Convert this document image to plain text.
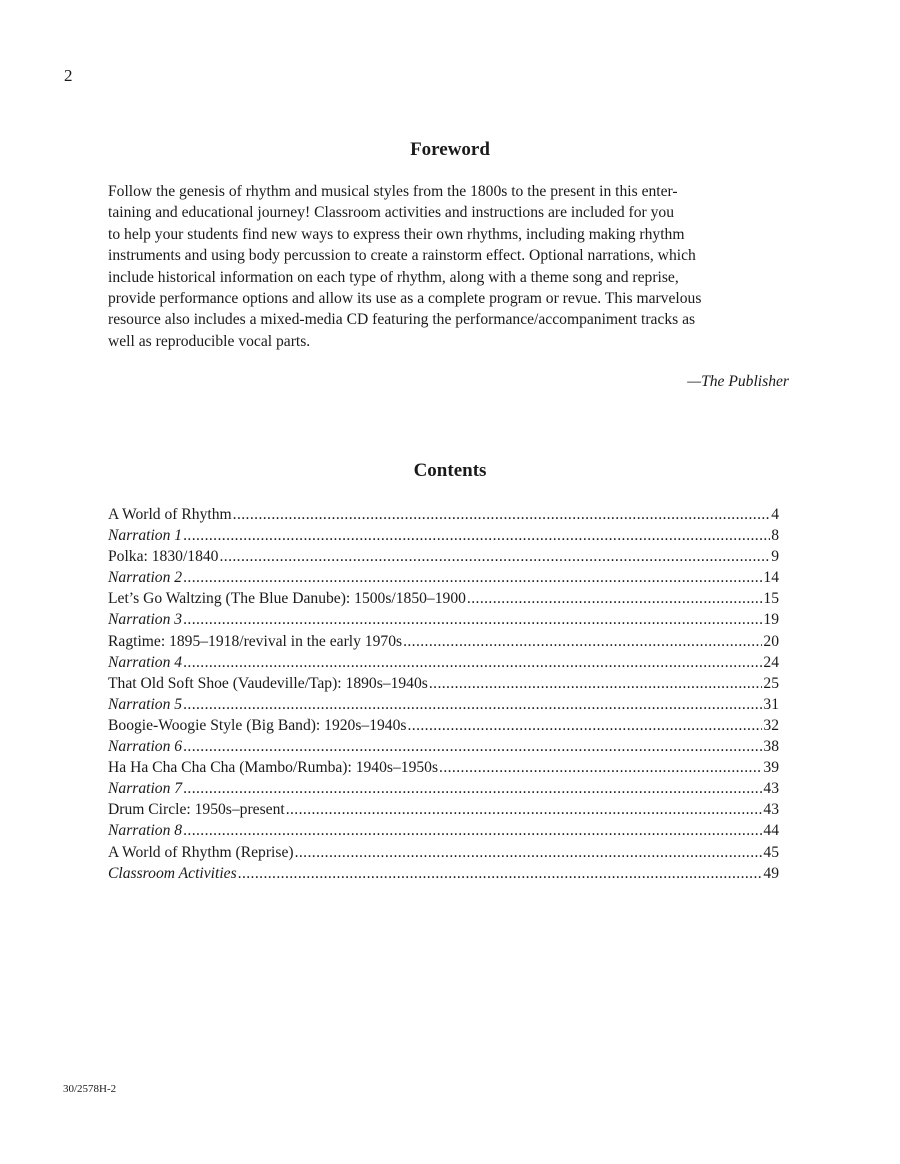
2
Foreword
Follow the genesis of rhythm and musical styles from the 1800s to the present in this enter-
taining and educational journey! Classroom activities and instructions are included for you
to help your students find new ways to express their own rhythms, including making rhythm
instruments and using body percussion to create a rainstorm effect. Optional narrations, which
include historical information on each type of rhythm, along with a theme song and reprise,
provide performance options and allow its use as a complete program or revue. This marvelous
resource also includes a mixed-media CD featuring the performance/accompaniment tracks as
well as reproducible vocal parts.
—The Publisher
Contents
A World of Rhythm .....	4
Narration 1 .....	8
Polka: 1830/1840 .....	9
Narration 2 .....	14
Let’s Go Waltzing (The Blue Danube): 1500s/1850–1900 .....	15
Narration 3 .....	19
Ragtime: 1895–1918/revival in the early 1970s .....	20
Narration 4 .....	24
That Old Soft Shoe (Vaudeville/Tap): 1890s–1940s .....	25
Narration 5 .....	31
Boogie-Woogie Style (Big Band): 1920s–1940s .....	32
Narration 6 .....	38
Ha Ha Cha Cha Cha (Mambo/Rumba): 1940s–1950s .....	39
Narration 7 .....	43
Drum Circle: 1950s–present .....	43
Narration 8 .....	44
A World of Rhythm (Reprise) .....	45
Classroom Activities .....	49
30/2578H-2
